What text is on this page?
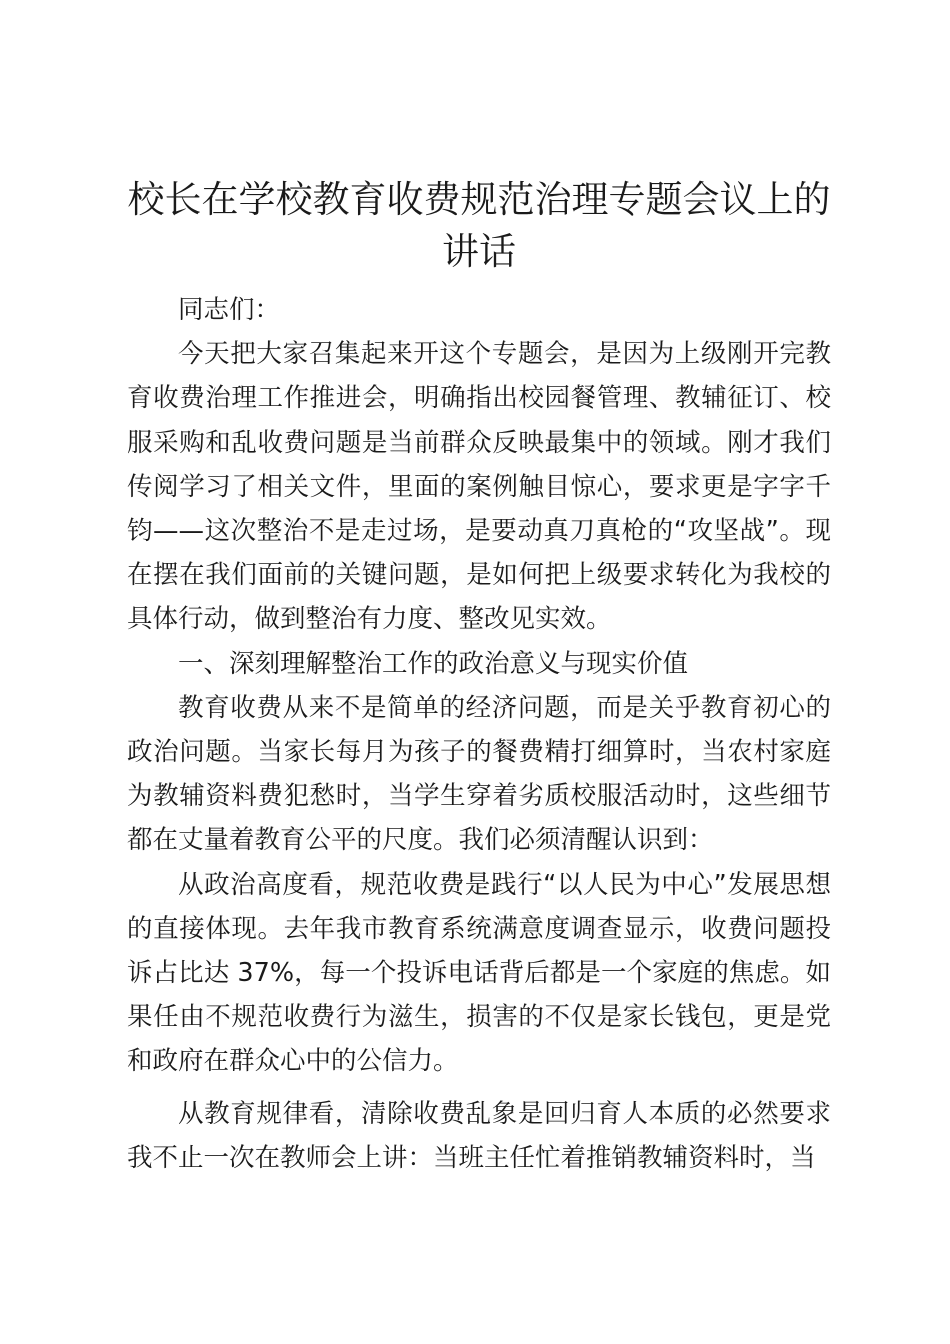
校长在学校教育收费规范治理专题会议上的讲话

同志们：

今天把大家召集起来开这个专题会，是因为上级刚开完教育收费治理工作推进会，明确指出校园餐管理、教辅征订、校服采购和乱收费问题是当前群众反映最集中的领域。刚才我们传阅学习了相关文件，里面的案例触目惊心，要求更是字字千钧——这次整治不是走过场，是要动真刀真枪的“攻坚战”。现在摆在我们面前的关键问题，是如何把上级要求转化为我校的具体行动，做到整治有力度、整改见实效。

一、深刻理解整治工作的政治意义与现实价值

教育收费从来不是简单的经济问题，而是关乎教育初心的政治问题。当家长每月为孩子的餐费精打细算时，当农村家庭为教辅资料费犯愁时，当学生穿着劣质校服活动时，这些细节都在丈量着教育公平的尺度。我们必须清醒认识到：

从政治高度看，规范收费是践行“以人民为中心”发展思想的直接体现。去年我市教育系统满意度调查显示，收费问题投诉占比达 37%，每一个投诉电话背后都是一个家庭的焦虑。如果任由不规范收费行为滋生，损害的不仅是家长钱包，更是党和政府在群众心中的公信力。

从教育规律看，清除收费乱象是回归育人本质的必然要求我不止一次在教师会上讲：当班主任忙着推销教辅资料时，当
